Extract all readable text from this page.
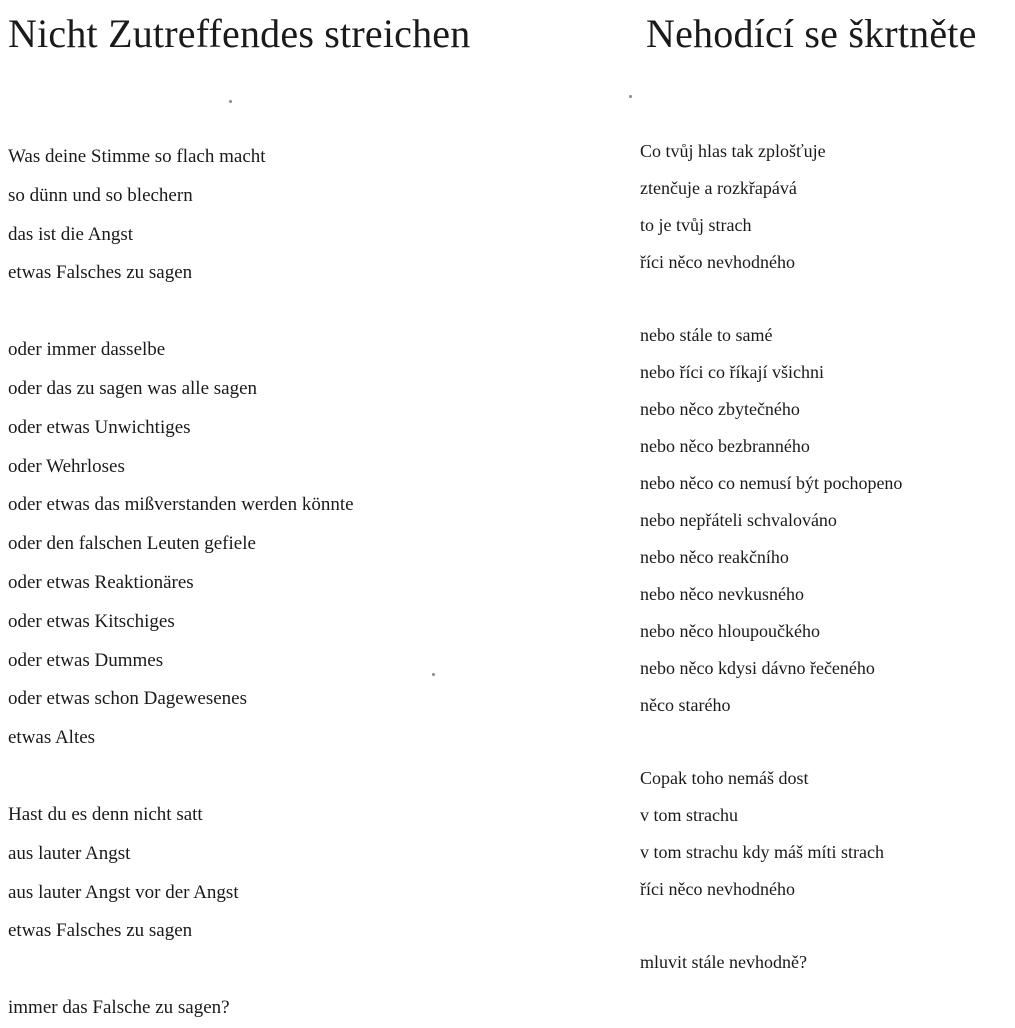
Nicht Zutreffendes streichen

Was deine Stimme so flach macht
so dünn und so blechern
das ist die Angst
etwas Falsches zu sagen

oder immer dasselbe
oder das zu sagen was alle sagen
oder etwas Unwichtiges
oder Wehrloses
oder etwas das mißverstanden werden könnte
oder den falschen Leuten gefiele
oder etwas Reaktionäres
oder etwas Kitschiges
oder etwas Dummes
oder etwas schon Dagewesenes
etwas Altes

Hast du es denn nicht satt
aus lauter Angst
aus lauter Angst vor der Angst
etwas Falsches zu sagen

immer das Falsche zu sagen?

Nehodící se škrtněte

Co tvůj hlas tak zplošťuje
ztenčuje a rozkřapává
to je tvůj strach
říci něco nevhodného

nebo stále to samé
nebo říci co říkají všichni
nebo něco zbytečného
nebo něco bezbranného
nebo něco co nemusí být pochopeno
nebo nepřáteli schvalováno
nebo něco reakčního
nebo něco nevkusného
nebo něco hloupoučkého
nebo něco kdysi dávno řečeného
něco starého

Copak toho nemáš dost
v tom strachu
v tom strachu kdy máš míti strach
říci něco nevhodného

mluvit stále nevhodně?
